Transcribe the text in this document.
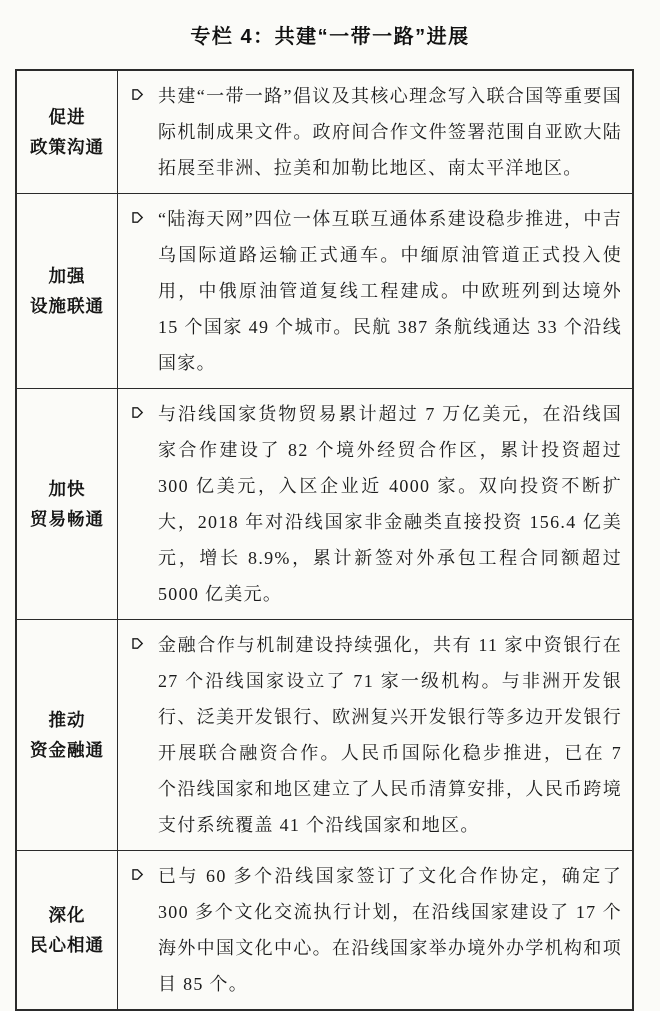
专栏 4：共建“一带一路”进展
促进
政策沟通

共建“一带一路”倡议及其核心理念写入联合国等重要国际机制成果文件。政府间合作文件签署范围自亚欧大陆拓展至非洲、拉美和加勒比地区、南太平洋地区。

加强
设施联通

“陆海天网”四位一体互联互通体系建设稳步推进，中吉乌国际道路运输正式通车。中缅原油管道正式投入使用，中俄原油管道复线工程建成。中欧班列到达境外 15 个国家 49 个城市。民航 387 条航线通达 33 个沿线国家。

加快
贸易畅通

与沿线国家货物贸易累计超过 7 万亿美元，在沿线国家合作建设了 82 个境外经贸合作区，累计投资超过 300 亿美元，入区企业近 4000 家。双向投资不断扩大，2018 年对沿线国家非金融类直接投资 156.4 亿美元，增长 8.9%，累计新签对外承包工程合同额超过 5000 亿美元。

推动
资金融通

金融合作与机制建设持续强化，共有 11 家中资银行在 27 个沿线国家设立了 71 家一级机构。与非洲开发银行、泛美开发银行、欧洲复兴开发银行等多边开发银行开展联合融资合作。人民币国际化稳步推进，已在 7 个沿线国家和地区建立了人民币清算安排，人民币跨境支付系统覆盖 41 个沿线国家和地区。

深化
民心相通

已与 60 多个沿线国家签订了文化合作协定，确定了 300 多个文化交流执行计划，在沿线国家建设了 17 个海外中国文化中心。在沿线国家举办境外办学机构和项目 85 个。
